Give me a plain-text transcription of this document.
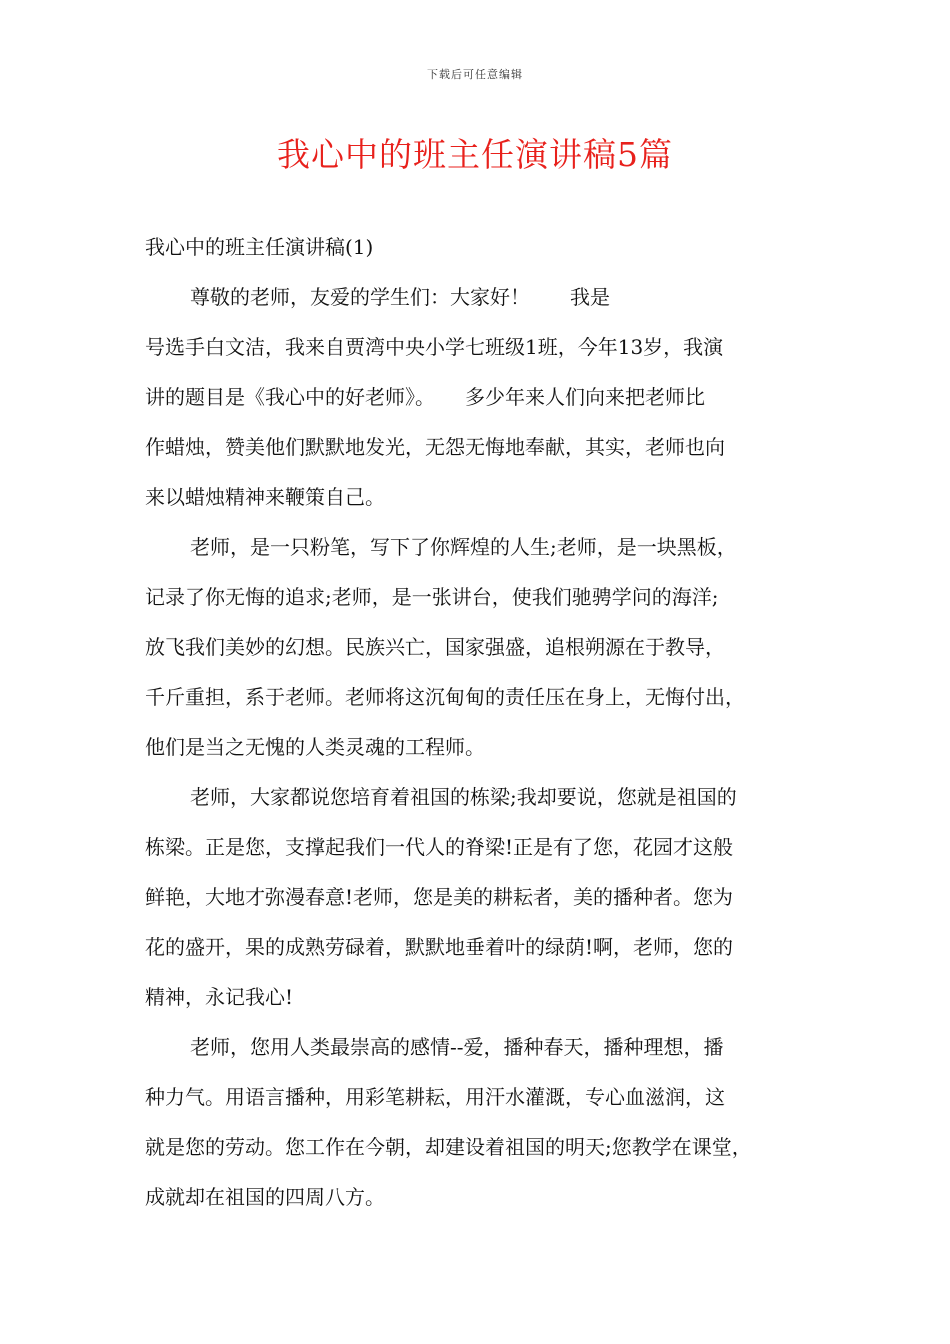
下载后可任意编辑
我心中的班主任演讲稿5篇
我心中的班主任演讲稿(1)
尊敬的老师，友爱的学生们：大家好！　　我是
号选手白文洁，我来自贾湾中央小学七班级1班，今年13岁，我演
讲的题目是《我心中的好老师》。　　多少年来人们向来把老师比
作蜡烛，赞美他们默默地发光，无怨无悔地奉献，其实，老师也向
来以蜡烛精神来鞭策自己。
老师，是一只粉笔，写下了你辉煌的人生;老师，是一块黑板，
记录了你无悔的追求;老师，是一张讲台，使我们驰骋学问的海洋;
放飞我们美妙的幻想。民族兴亡，国家强盛，追根朔源在于教导，
千斤重担，系于老师。老师将这沉甸甸的责任压在身上，无悔付出，
他们是当之无愧的人类灵魂的工程师。
老师，大家都说您培育着祖国的栋梁;我却要说，您就是祖国的
栋梁。正是您，支撑起我们一代人的脊梁!正是有了您，花园才这般
鲜艳，大地才弥漫春意!老师，您是美的耕耘者，美的播种者。您为
花的盛开，果的成熟劳碌着，默默地垂着叶的绿荫!啊，老师，您的
精神，永记我心!
老师，您用人类最崇高的感情--爱，播种春天，播种理想，播
种力气。用语言播种，用彩笔耕耘，用汗水灌溉，专心血滋润，这
就是您的劳动。您工作在今朝，却建设着祖国的明天;您教学在课堂，
成就却在祖国的四周八方。
